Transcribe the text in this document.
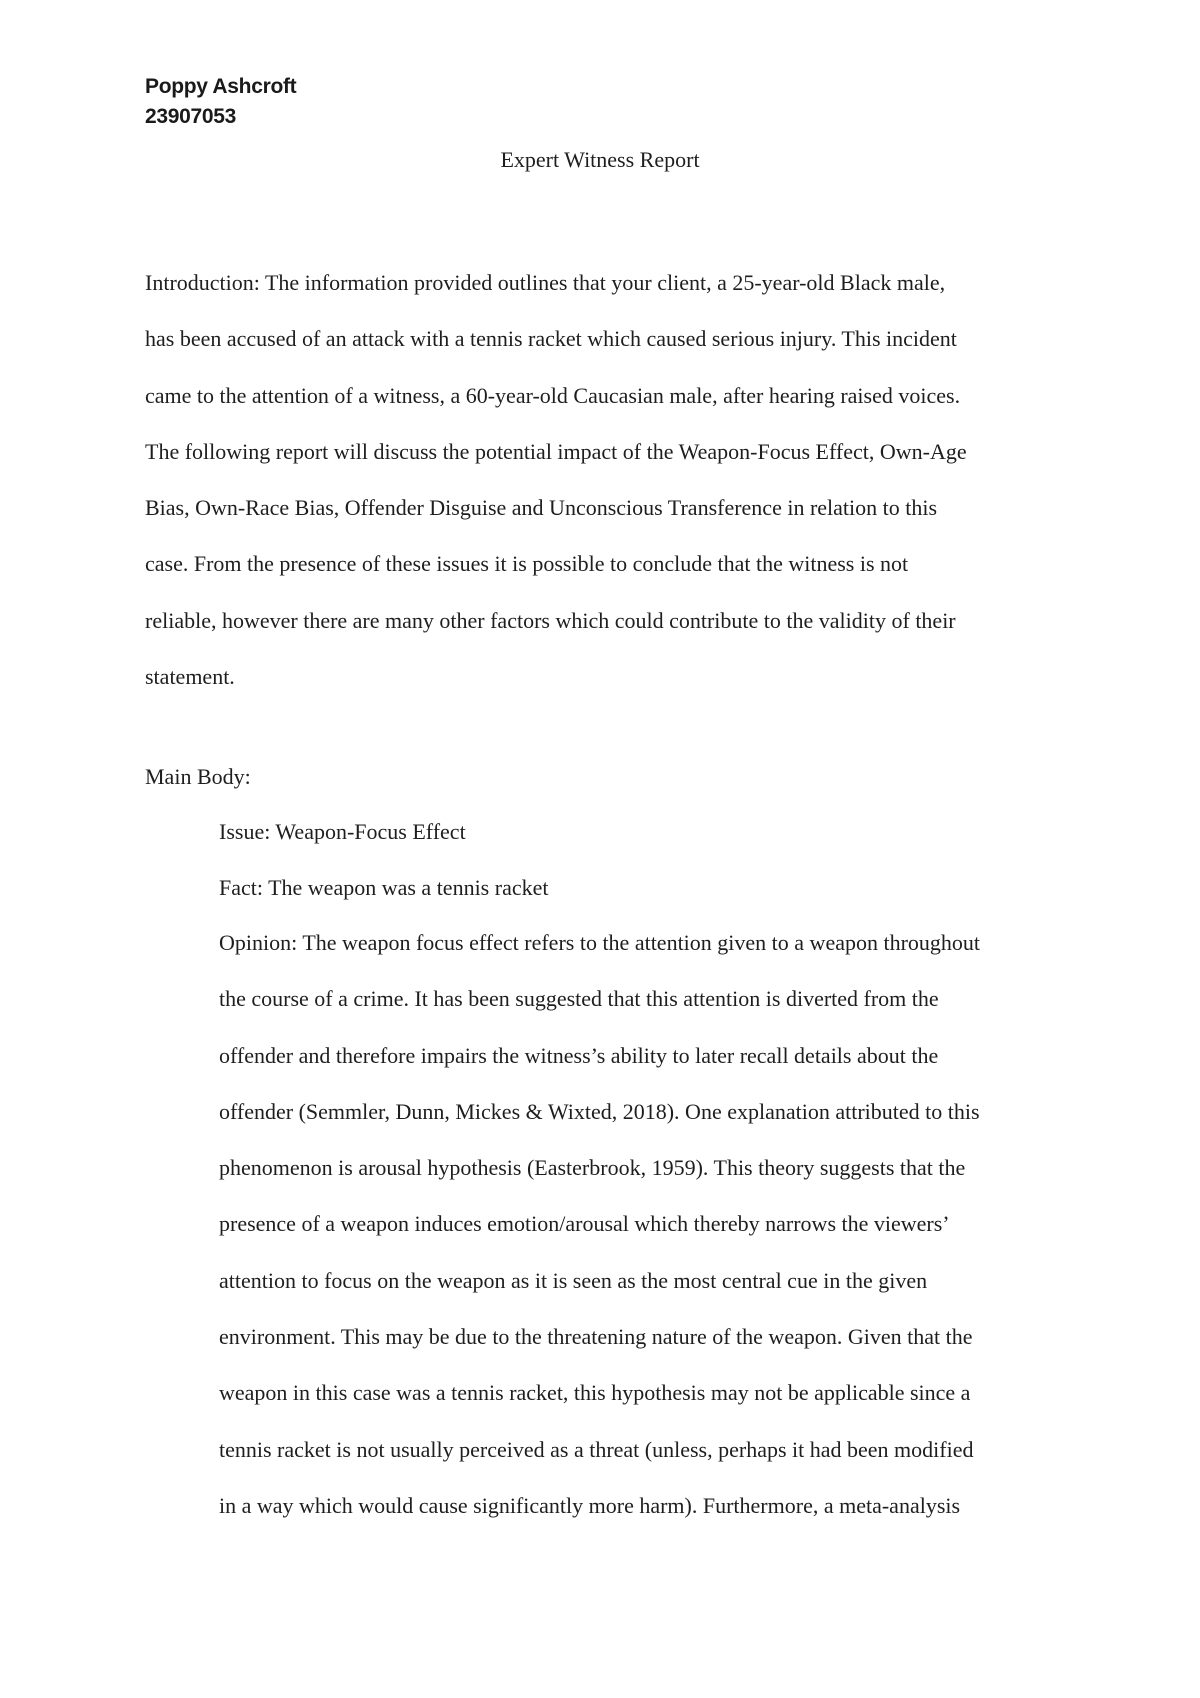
Poppy Ashcroft
23907053
Expert Witness Report
Introduction: The information provided outlines that your client, a 25-year-old Black male,
has been accused of an attack with a tennis racket which caused serious injury. This incident
came to the attention of a witness, a 60-year-old Caucasian male, after hearing raised voices.
The following report will discuss the potential impact of the Weapon-Focus Effect, Own-Age
Bias, Own-Race Bias, Offender Disguise and Unconscious Transference in relation to this
case. From the presence of these issues it is possible to conclude that the witness is not
reliable, however there are many other factors which could contribute to the validity of their
statement.
Main Body:
Issue: Weapon-Focus Effect
Fact: The weapon was a tennis racket
Opinion: The weapon focus effect refers to the attention given to a weapon throughout
the course of a crime. It has been suggested that this attention is diverted from the
offender and therefore impairs the witness’s ability to later recall details about the
offender (Semmler, Dunn, Mickes & Wixted, 2018). One explanation attributed to this
phenomenon is arousal hypothesis (Easterbrook, 1959). This theory suggests that the
presence of a weapon induces emotion/arousal which thereby narrows the viewers’
attention to focus on the weapon as it is seen as the most central cue in the given
environment. This may be due to the threatening nature of the weapon. Given that the
weapon in this case was a tennis racket, this hypothesis may not be applicable since a
tennis racket is not usually perceived as a threat (unless, perhaps it had been modified
in a way which would cause significantly more harm). Furthermore, a meta-analysis
